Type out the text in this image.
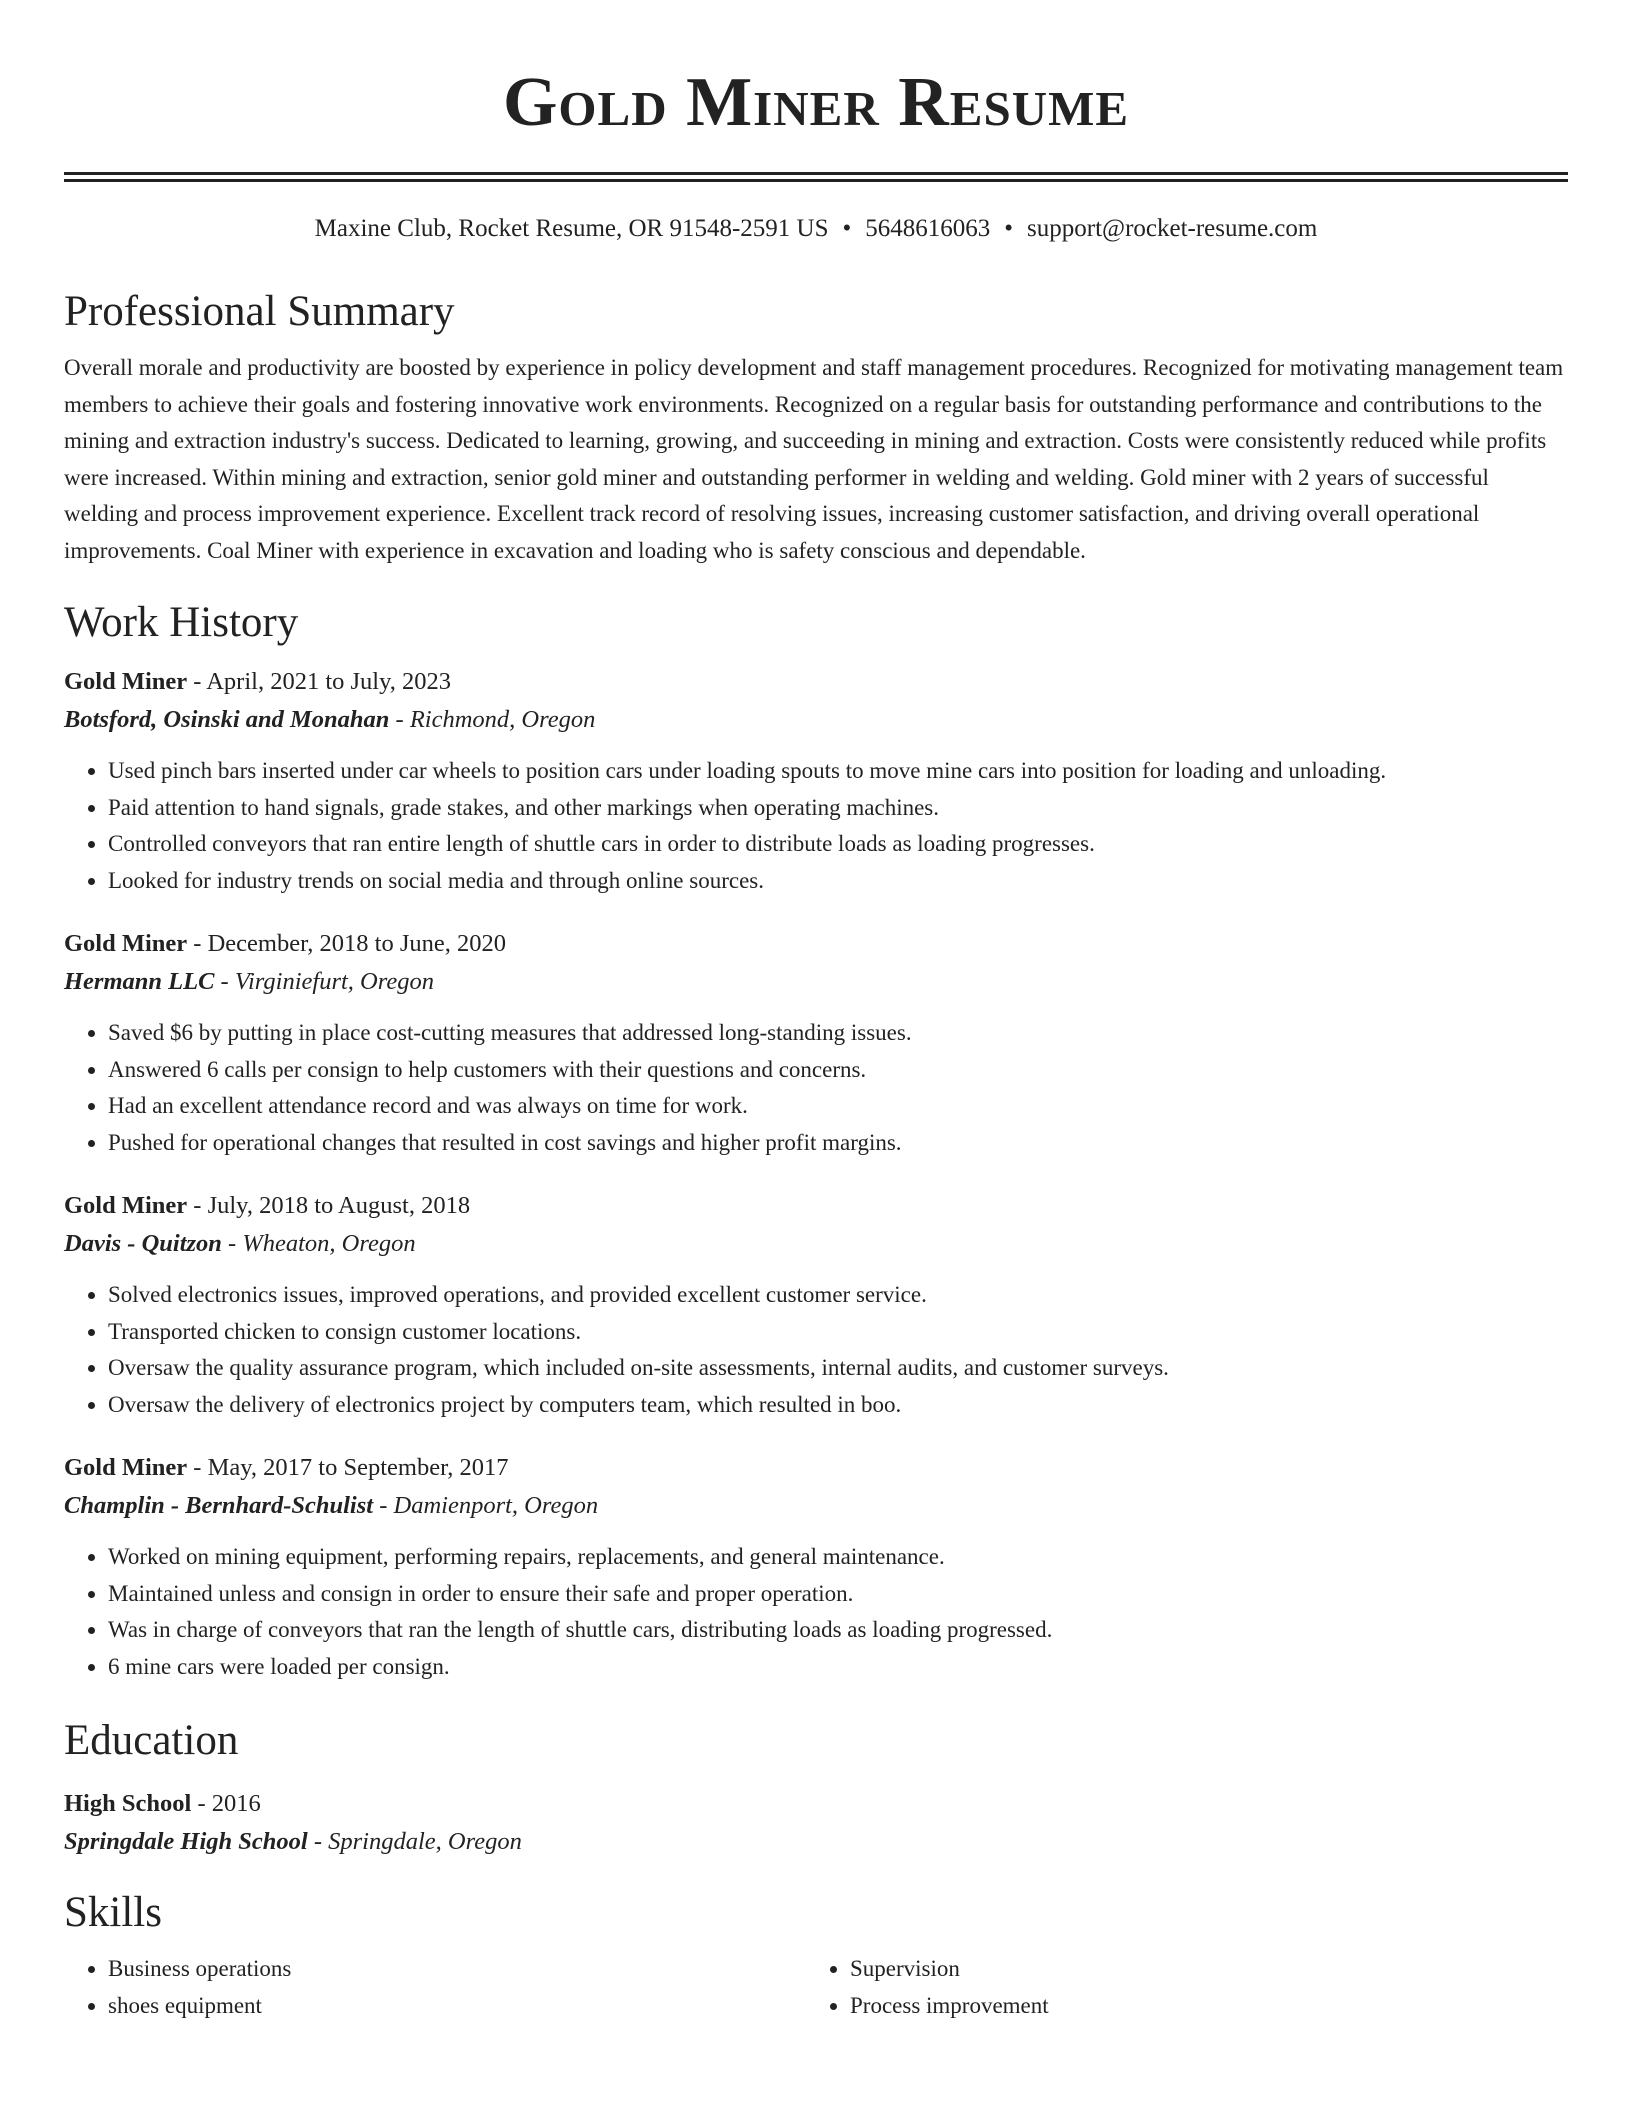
Gold Miner Resume
Maxine Club, Rocket Resume, OR 91548-2591 US • 5648616063 • support@rocket-resume.com
Professional Summary

Overall morale and productivity are boosted by experience in policy development and staff management procedures. Recognized for motivating management team members to achieve their goals and fostering innovative work environments. Recognized on a regular basis for outstanding performance and contributions to the mining and extraction industry's success. Dedicated to learning, growing, and succeeding in mining and extraction. Costs were consistently reduced while profits were increased. Within mining and extraction, senior gold miner and outstanding performer in welding and welding. Gold miner with 2 years of successful welding and process improvement experience. Excellent track record of resolving issues, increasing customer satisfaction, and driving overall operational improvements. Coal Miner with experience in excavation and loading who is safety conscious and dependable.

Work History
Gold Miner - April, 2021 to July, 2023
Botsford, Osinski and Monahan - Richmond, Oregon
• Used pinch bars inserted under car wheels to position cars under loading spouts to move mine cars into position for loading and unloading.
• Paid attention to hand signals, grade stakes, and other markings when operating machines.
• Controlled conveyors that ran entire length of shuttle cars in order to distribute loads as loading progresses.
• Looked for industry trends on social media and through online sources.
Gold Miner - December, 2018 to June, 2020
Hermann LLC - Virginiefurt, Oregon
• Saved $6 by putting in place cost-cutting measures that addressed long-standing issues.
• Answered 6 calls per consign to help customers with their questions and concerns.
• Had an excellent attendance record and was always on time for work.
• Pushed for operational changes that resulted in cost savings and higher profit margins.
Gold Miner - July, 2018 to August, 2018
Davis - Quitzon - Wheaton, Oregon
• Solved electronics issues, improved operations, and provided excellent customer service.
• Transported chicken to consign customer locations.
• Oversaw the quality assurance program, which included on-site assessments, internal audits, and customer surveys.
• Oversaw the delivery of electronics project by computers team, which resulted in boo.
Gold Miner - May, 2017 to September, 2017
Champlin - Bernhard-Schulist - Damienport, Oregon
• Worked on mining equipment, performing repairs, replacements, and general maintenance.
• Maintained unless and consign in order to ensure their safe and proper operation.
• Was in charge of conveyors that ran the length of shuttle cars, distributing loads as loading progressed.
• 6 mine cars were loaded per consign.
Education
High School - 2016
Springdale High School - Springdale, Oregon
Skills
• Business operations
• shoes equipment
• Supervision
• Process improvement
